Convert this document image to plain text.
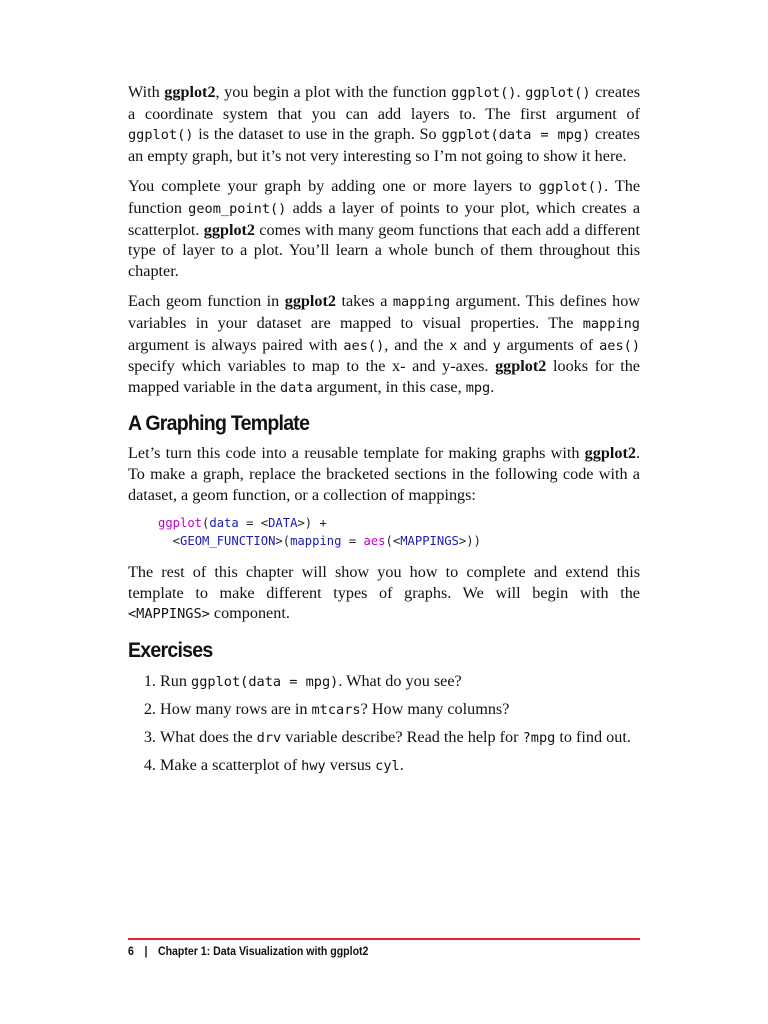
With ggplot2, you begin a plot with the function ggplot(). ggplot() creates a coordinate system that you can add layers to. The first argument of ggplot() is the dataset to use in the graph. So ggplot(data = mpg) creates an empty graph, but it’s not very interesting so I’m not going to show it here.

You complete your graph by adding one or more layers to ggplot(). The function geom_point() adds a layer of points to your plot, which creates a scatterplot. ggplot2 comes with many geom functions that each add a different type of layer to a plot. You’ll learn a whole bunch of them throughout this chapter.

Each geom function in ggplot2 takes a mapping argument. This defines how variables in your dataset are mapped to visual properties. The mapping argument is always paired with aes(), and the x and y arguments of aes() specify which variables to map to the x- and y-axes. ggplot2 looks for the mapped variable in the data argument, in this case, mpg.

A Graphing Template

Let’s turn this code into a reusable template for making graphs with ggplot2. To make a graph, replace the bracketed sections in the following code with a dataset, a geom function, or a collection of mappings:

ggplot(data = <DATA>) +
<GEOM_FUNCTION>(mapping = aes(<MAPPINGS>))

The rest of this chapter will show you how to complete and extend this template to make different types of graphs. We will begin with the <MAPPINGS> component.

Exercises
1. Run ggplot(data = mpg). What do you see?
2. How many rows are in mtcars? How many columns?
3. What does the drv variable describe? Read the help for ?mpg to find out.
4. Make a scatterplot of hwy versus cyl.
6 | Chapter 1: Data Visualization with ggplot2
